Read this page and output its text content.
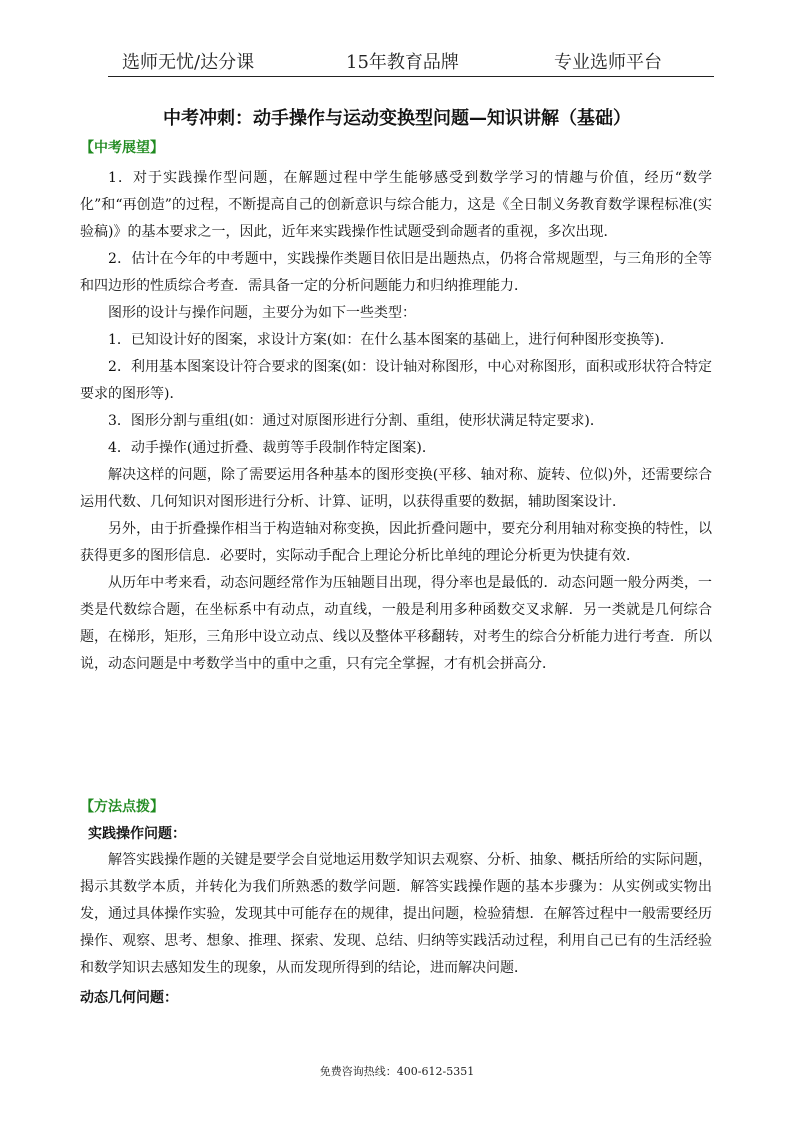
选师无忧/达分课	15年教育品牌	专业选师平台
中考冲刺：动手操作与运动变换型问题—知识讲解（基础）
【中考展望】

1．对于实践操作型问题，在解题过程中学生能够感受到数学学习的情趣与价值，经历“数学化”和“再创造”的过程，不断提高自己的创新意识与综合能力，这是《全日制义务教育数学课程标准(实验稿)》的基本要求之一，因此，近年来实践操作性试题受到命题者的重视，多次出现．

2．估计在今年的中考题中，实践操作类题目依旧是出题热点，仍将合常规题型，与三角形的全等和四边形的性质综合考查．需具备一定的分析问题能力和归纳推理能力．

图形的设计与操作问题，主要分为如下一些类型：

1．已知设计好的图案，求设计方案(如：在什么基本图案的基础上，进行何种图形变换等)．

2．利用基本图案设计符合要求的图案(如：设计轴对称图形，中心对称图形，面积或形状符合特定要求的图形等)．

3．图形分割与重组(如：通过对原图形进行分割、重组，使形状满足特定要求)．

4．动手操作(通过折叠、裁剪等手段制作特定图案)．

解决这样的问题，除了需要运用各种基本的图形变换(平移、轴对称、旋转、位似)外，还需要综合运用代数、几何知识对图形进行分析、计算、证明，以获得重要的数据，辅助图案设计．

另外，由于折叠操作相当于构造轴对称变换，因此折叠问题中，要充分利用轴对称变换的特性，以获得更多的图形信息．必要时，实际动手配合上理论分析比单纯的理论分析更为快捷有效．

从历年中考来看，动态问题经常作为压轴题目出现，得分率也是最低的．动态问题一般分两类，一类是代数综合题，在坐标系中有动点，动直线，一般是利用多种函数交叉求解．另一类就是几何综合题，在梯形，矩形，三角形中设立动点、线以及整体平移翻转，对考生的综合分析能力进行考查．所以说，动态问题是中考数学当中的重中之重，只有完全掌握，才有机会拼高分．

【方法点拨】
实践操作问题：

解答实践操作题的关键是要学会自觉地运用数学知识去观察、分析、抽象、概括所给的实际问题，揭示其数学本质，并转化为我们所熟悉的数学问题．解答实践操作题的基本步骤为：从实例或实物出发，通过具体操作实验，发现其中可能存在的规律，提出问题，检验猜想．在解答过程中一般需要经历操作、观察、思考、想象、推理、探索、发现、总结、归纳等实践活动过程，利用自己已有的生活经验和数学知识去感知发生的现象，从而发现所得到的结论，进而解决问题．

动态几何问题：
免费咨询热线：400-612-5351
